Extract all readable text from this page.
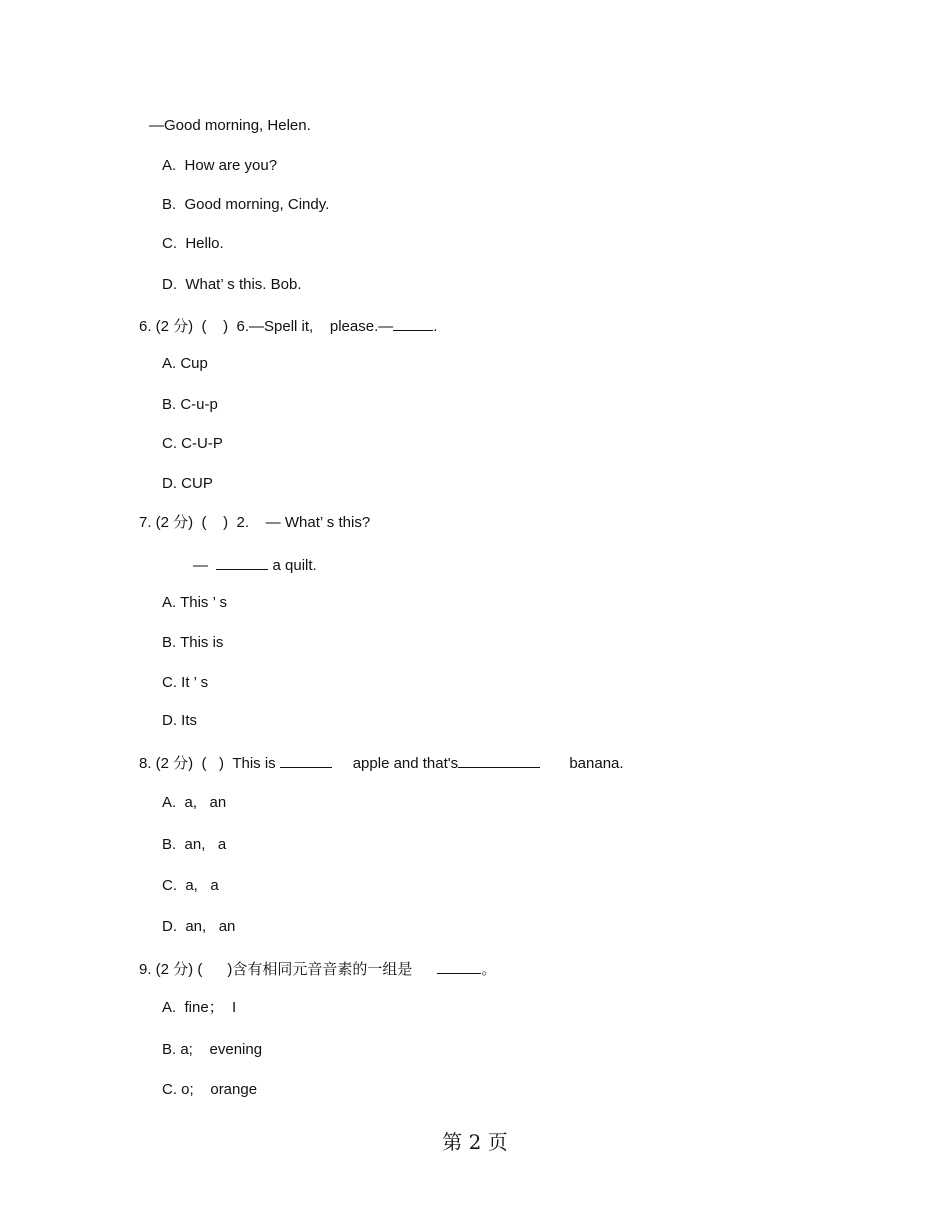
—Good morning, Helen.
A.  How are you?
B.  Good morning, Cindy.
C.  Hello.
D.  What’ s this. Bob.
6. (2 分)  (    )  6.—Spell it,    please.—	.
A. Cup
B. C-u-p
C. C-U-P
D. CUP
7. (2 分)  (    )  2.    — What’ s this?
—	a quilt.
A. This ’ s
B. This is
C. It ’ s
D. Its
8. (2 分)  (   )  This is	apple and that's	banana.
A.  a,   an
B.  an,   a
C.  a,   a
D.  an,   an
9. (2 分) (      )含有相同元音音素的一组是	。
A.  fine；  I
B. a;    evening
C. o;    orange
第 2 页
